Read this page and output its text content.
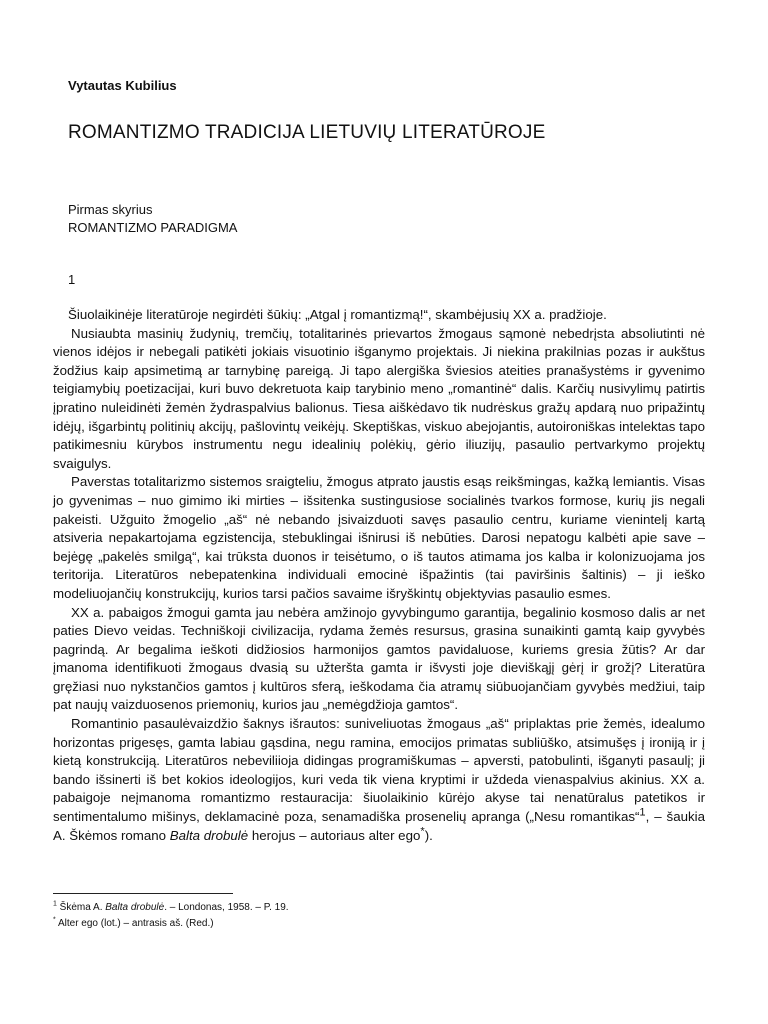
Vytautas Kubilius
ROMANTIZMO TRADICIJA LIETUVIŲ LITERATŪROJE
Pirmas skyrius
ROMANTIZMO PARADIGMA
1

Šiuolaikinėje literatūroje negirdėti šūkių: „Atgal į romantizmą!“, skambėjusių XX a. pradžioje.

Nusiaubta masinių žudynių, tremčių, totalitarinės prievartos žmogaus sąmonė nebedrįsta absoliutinti nė vienos idėjos ir nebegali patikėti jokiais visuotinio išganymo projektais. Ji niekina prakilnias pozas ir aukštus žodžius kaip apsimetimą ar tarnybinę pareigą. Ji tapo alergiška šviesios ateities pranašystėms ir gyvenimo teigiamybių poetizacijai, kuri buvo dekretuota kaip tarybinio meno „romantinė“ dalis. Karčių nusivylimų patirtis įpratino nuleidinėti žemėn žydraspalvius balionus. Tiesa aiškėdavo tik nudrėskus gražų apdarą nuo pripažintų idėjų, išgarbintų politinių akcijų, pašlovintų veikėjų. Skeptiškas, viskuo abejojantis, autoironiškas intelektas tapo patikimesniu kūrybos instrumentu negu idealinių polėkių, gėrio iliuzijų, pasaulio pertvarkymo projektų svaigulys.

Paverstas totalitarizmo sistemos sraigteliu, žmogus atprato jaustis esąs reikšmingas, kažką lemiantis. Visas jo gyvenimas – nuo gimimo iki mirties – išsitenka sustingusiose socialinės tvarkos formose, kurių jis negali pakeisti. Užguito žmogelio „aš“ nė nebando įsivaizduoti savęs pasaulio centru, kuriame vienintelį kartą atsiveria nepakartojama egzistencija, stebuklingai išnirusi iš nebūties. Darosi nepatogu kalbėti apie save – bejėgę „pakelės smilgą“, kai trūksta duonos ir teisėtumo, o iš tautos atimama jos kalba ir kolonizuojama jos teritorija. Literatūros nebepatenkina individuali emocinė išpažintis (tai paviršinis šaltinis) – ji ieško modeliuojančių konstrukcijų, kurios tarsi pačios savaime išryškintų objektyvias pasaulio esmes.

XX a. pabaigos žmogui gamta jau nebėra amžinojo gyvybingumo garantija, begalinio kosmoso dalis ar net paties Dievo veidas. Techniškoji civilizacija, rydama žemės resursus, grasina sunaikinti gamtą kaip gyvybės pagrindą. Ar begalima ieškoti didžiosios harmonijos gamtos pavidaluose, kuriems gresia žūtis? Ar dar įmanoma identifikuoti žmogaus dvasią su užteršta gamta ir išvysti joje dieviškąjį gėrį ir grožį? Literatūra gręžiasi nuo nykstančios gamtos į kultūros sferą, ieškodama čia atramų siūbuojančiam gyvybės medžiui, taip pat naujų vaizduosenos priemonių, kurios jau „nemėgdžioja gamtos“.

Romantinio pasaulėvaizdžio šaknys išrautos: suniveliuotas žmogaus „aš“ priplaktas prie žemės, idealumo horizontas prigesęs, gamta labiau gąsdina, negu ramina, emocijos primatas subliūško, atsimušęs į ironiją ir į kietą konstrukciją. Literatūros nebeviliioja didingas programiškumas – apversti, patobulinti, išganyti pasaulį; ji bando išsinerti iš bet kokios ideologijos, kuri veda tik viena kryptimi ir uždeda vienaspalvius akinius. XX a. pabaigoje neįmanoma romantizmo restauracija: šiuolaikinio kūrėjo akyse tai nenatūralus patetikos ir sentimentalumo mišinys, deklamacinė poza, senamadiška prosenelių apranga („Nesu romantikas“$^1$, – šaukia A. Škėmos romano Balta drobulė herojus – autoriaus alter ego*).

$^1$ Škėma A. Balta drobulė. – Londonas, 1958. – P. 19.
* Alter ego (lot.) – antrasis aš. (Red.)
